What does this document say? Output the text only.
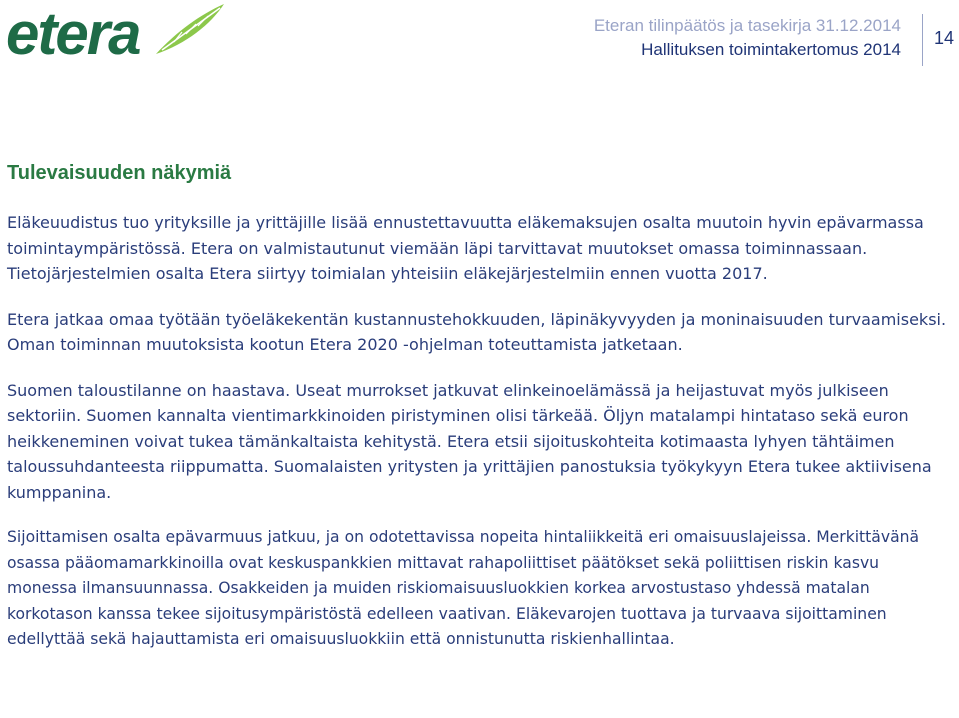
etera	Eteran tilinpäätös ja tasekirja 31.12.2014
Hallituksen toimintakertomus 2014
14
Tulevaisuuden näkymiä

Eläkeuudistus tuo yrityksille ja yrittäjille lisää ennustettavuutta eläkemaksujen osalta muutoin hyvin epävarmassa toimintaympäristössä. Etera on valmistautunut viemään läpi tarvittavat muutokset omassa toiminnassaan. Tietojärjestelmien osalta Etera siirtyy toimialan yhteisiin eläkejärjestelmiin ennen vuotta 2017.

Etera jatkaa omaa työtään työeläkekentän kustannustehokkuuden, läpinäkyvyyden ja moninaisuuden turvaamiseksi. Oman toiminnan muutoksista kootun Etera 2020 -ohjelman toteuttamista jatketaan.

Suomen taloustilanne on haastava. Useat murrokset jatkuvat elinkeinoelämässä ja heijastuvat myös julkiseen sektoriin. Suomen kannalta vientimarkkinoiden piristyminen olisi tärkeää. Öljyn matalampi hintataso sekä euron heikkeneminen voivat tukea tämänkaltaista kehitystä. Etera etsii sijoituskohteita kotimaasta lyhyen tähtäimen taloussuhdanteesta riippumatta. Suomalaisten yritysten ja yrittäjien panostuksia työkykyyn Etera tukee aktiivisena kumppanina.

Sijoittamisen osalta epävarmuus jatkuu, ja on odotettavissa nopeita hintaliikkeitä eri omaisuuslajeissa. Merkittävänä osassa pääomamarkkinoilla ovat keskuspankkien mittavat rahapoliittiset päätökset sekä poliittisen riskin kasvu monessa ilmansuunnassa. Osakkeiden ja muiden riskiomaisuusluokkien korkea arvostustaso yhdessä matalan korkotason kanssa tekee sijoitusympäristöstä edelleen vaativan. Eläkevarojen tuottava ja turvaava sijoittaminen edellyttää sekä hajauttamista eri omaisuusluokkiin että onnistunutta riskienhallintaa.
